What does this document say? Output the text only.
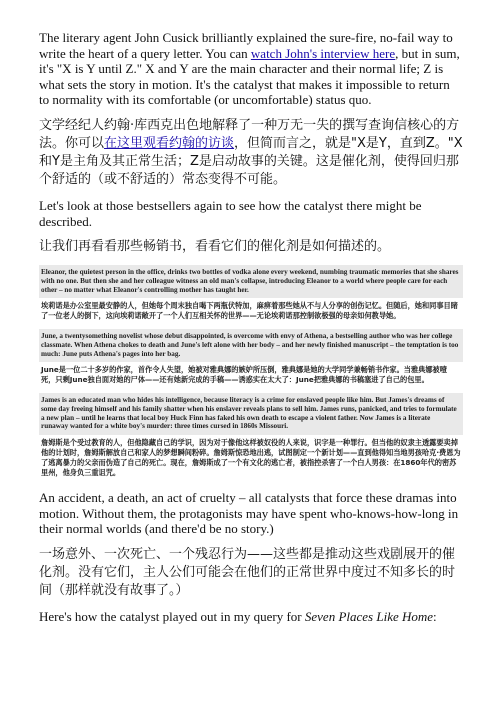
The literary agent John Cusick brilliantly explained the sure-fire, no-fail way to write the heart of a query letter. You can watch John's interview here, but in sum, it's "X is Y until Z." X and Y are the main character and their normal life; Z is what sets the story in motion. It's the catalyst that makes it impossible to return to normality with its comfortable (or uncomfortable) status quo.

文学经纪人约翰·库西克出色地解释了一种万无一失的撰写查询信核心的方法。你可以在这里观看约翰的访谈，但简而言之，就是"X是Y，直到Z。"X和Y是主角及其正常生活；Z是启动故事的关键。这是催化剂，使得回归那个舒适的（或不舒适的）常态变得不可能。

Let's look at those bestsellers again to see how the catalyst there might be described.

让我们再看看那些畅销书，看看它们的催化剂是如何描述的。

Eleanor, the quietest person in the office, drinks two bottles of vodka alone every weekend, numbing traumatic memories that she shares with no one. But then she and her colleague witness an old man's collapse, introducing Eleanor to a world where people care for each other – no matter what Eleanor's controlling mother has taught her.

埃莉诺是办公室里最安静的人，但她每个周末独自喝下两瓶伏特加，麻痹着那些她从不与人分享的创伤记忆。但随后，她和同事目睹了一位老人的倒下，这向埃莉诺敞开了一个人们互相关怀的世界——无论埃莉诺那控制欲极强的母亲如何教导她。

June, a twentysomething novelist whose debut disappointed, is overcome with envy of Athena, a bestselling author who was her college classmate. When Athena chokes to death and June's left alone with her body – and her newly finished manuscript – the temptation is too much: June puts Athena's pages into her bag.

June是一位二十多岁的作家，首作令人失望，她被对雅典娜的嫉妒所压倒，雅典娜是她的大学同学兼畅销书作家。当雅典娜被噎死，只剩June独自面对她的尸体——还有她新完成的手稿——诱惑实在太大了：June把雅典娜的书稿塞进了自己的包里。

James is an educated man who hides his intelligence, because literacy is a crime for enslaved people like him. But James's dreams of some day freeing himself and his family shatter when his enslaver reveals plans to sell him. James runs, panicked, and tries to formulate a new plan – until he learns that local boy Huck Finn has faked his own death to escape a violent father. Now James is a literate runaway wanted for a white boy's murder: three times cursed in 1860s Missouri.

詹姆斯是个受过教育的人，但他隐藏自己的学识，因为对于像他这样被奴役的人来说，识字是一种罪行。但当他的奴隶主透露要卖掉他的计划时，詹姆斯解放自己和家人的梦想瞬间粉碎。詹姆斯惊恐地出逃，试图制定一个新计划——直到他得知当地男孩哈克·费恩为了逃离暴力的父亲而伪造了自己的死亡。现在，詹姆斯成了一个有文化的逃亡者，被指控杀害了一个白人男孩：在1860年代的密苏里州，他身负三重诅咒。

An accident, a death, an act of cruelty – all catalysts that force these dramas into motion. Without them, the protagonists may have spent who-knows-how-long in their normal worlds (and there'd be no story.)

一场意外、一次死亡、一个残忍行为——这些都是推动这些戏剧展开的催化剂。没有它们，主人公们可能会在他们的正常世界中度过不知多长的时间（那样就没有故事了。）

Here's how the catalyst played out in my query for Seven Places Like Home:
